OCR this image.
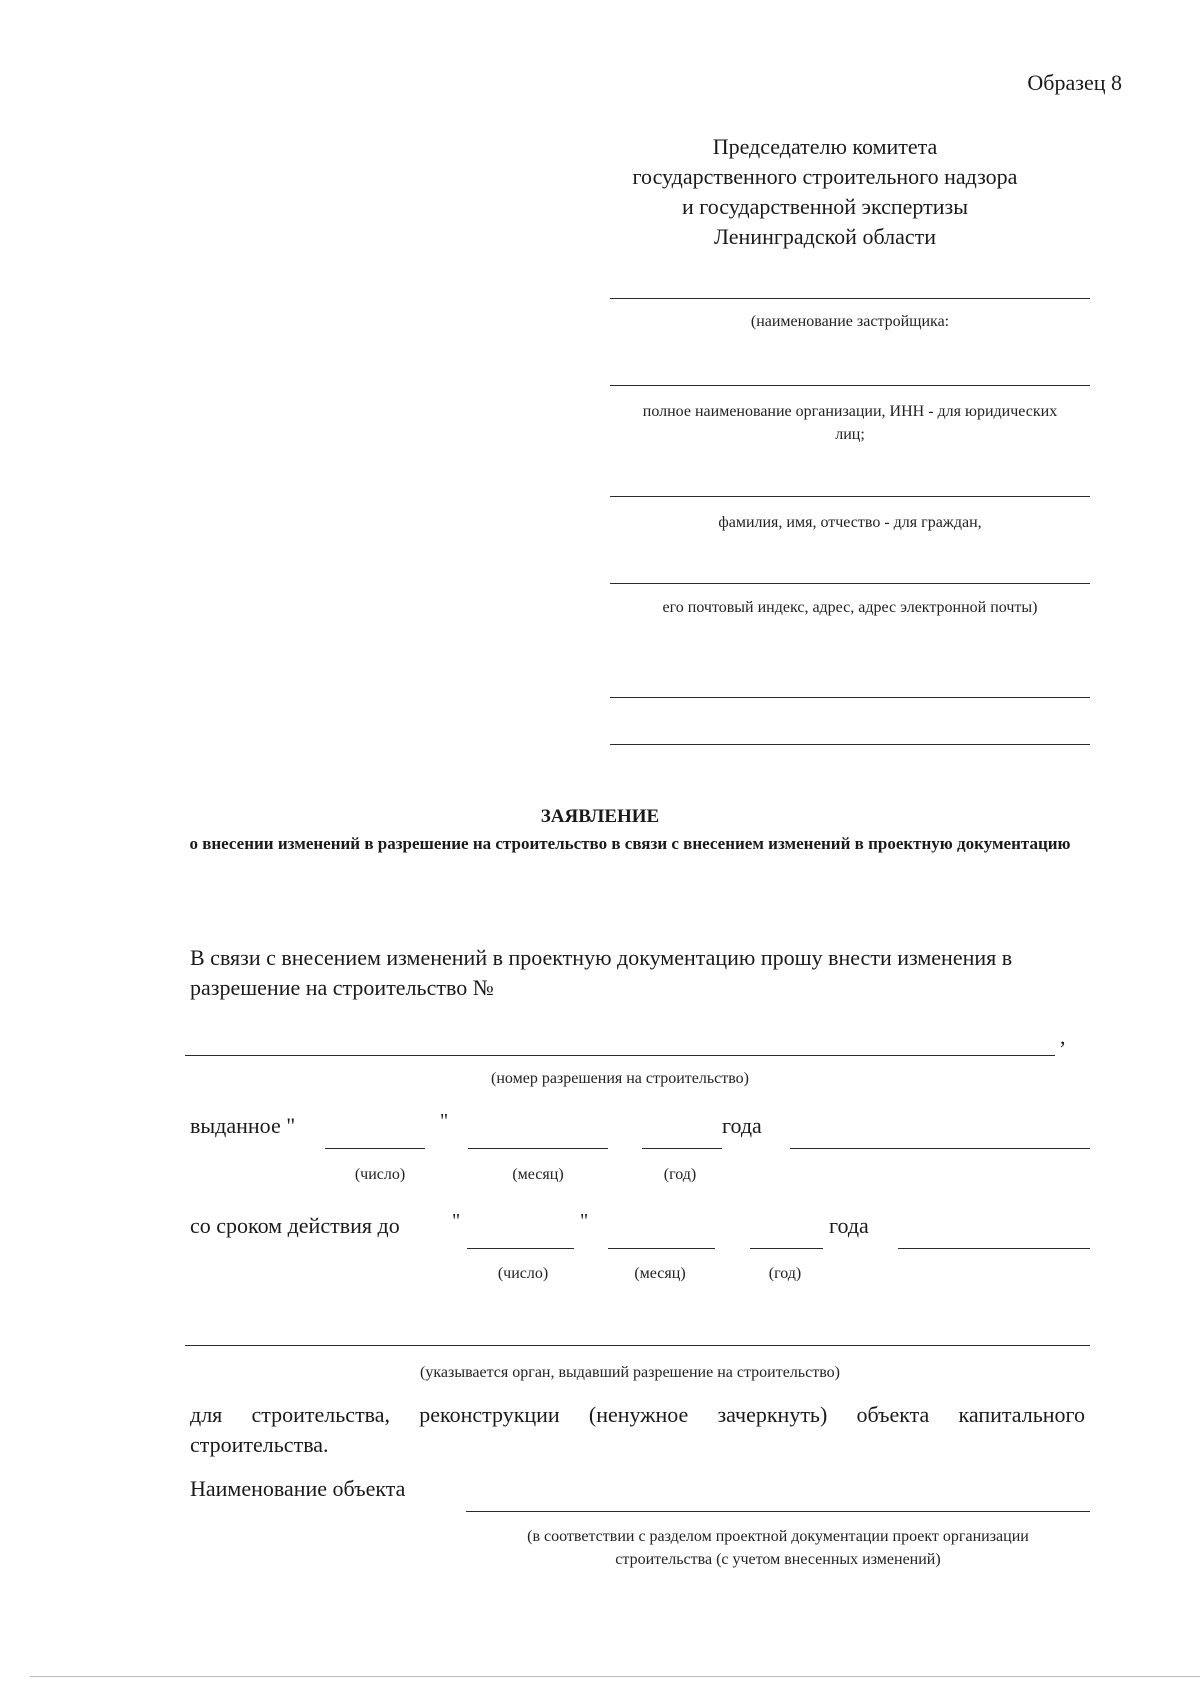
Образец 8
Председателю комитета
государственного строительного надзора
и государственной экспертизы
Ленинградской области
(наименование застройщика:
полное наименование организации, ИНН - для юридических лиц;
фамилия, имя, отчество - для граждан,
его почтовый индекс, адрес, адрес электронной почты)
ЗАЯВЛЕНИЕ
о внесении изменений в разрешение на строительство в связи с внесением изменений в проектную документацию
В связи с внесением изменений в проектную документацию прошу внести изменения в разрешение на строительство №
,
(номер разрешения на строительство)
выданное "	"	года
(число)	(месяц)	(год)
со сроком действия до	"	"	года
(число)	(месяц)	(год)
(указывается орган, выдавший разрешение на строительство)
для строительства, реконструкции (ненужное зачеркнуть) объекта капитального
строительства.
Наименование объекта
(в соответствии с разделом проектной документации проект организации строительства (с учетом внесенных изменений)
